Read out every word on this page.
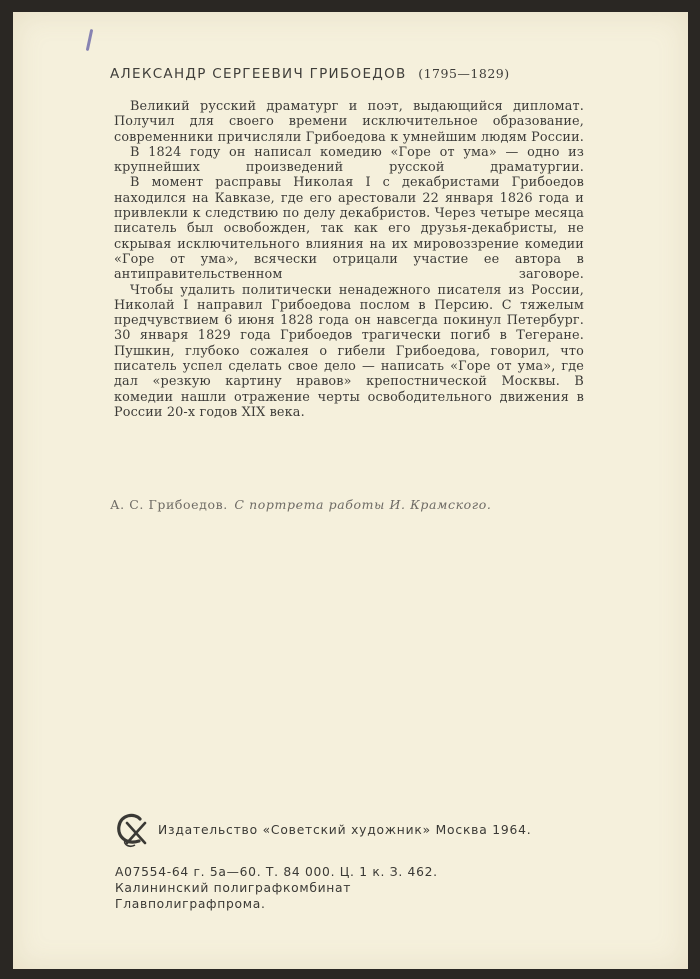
АЛЕКСАНДР СЕРГЕЕВИЧ ГРИБОЕДОВ (1795—1829)

Великий русский драматург и поэт, выдающийся дипломат. Получил для своего времени исключительное образование, современники причисляли Грибоедова к умнейшим людям России.

В 1824 году он написал комедию «Горе от ума» — одно из крупнейших произведений русской драматургии.

В момент расправы Николая I с декабристами Грибоедов находился на Кавказе, где его арестовали 22 января 1826 года и привлекли к следствию по делу декабристов. Через четыре месяца писатель был освобожден, так как его друзья-декабристы, не скрывая исключительного влияния на их мировоззрение комедии «Горе от ума», всячески отрицали участие ее автора в антиправительственном заговоре.

Чтобы удалить политически ненадежного писателя из России, Николай I направил Грибоедова послом в Персию. С тяжелым предчувствием 6 июня 1828 года он навсегда покинул Петербург. 30 января 1829 года Грибоедов трагически погиб в Тегеране. Пушкин, глубоко сожалея о гибели Грибоедова, говорил, что писатель успел сделать свое дело — написать «Горе от ума», где дал «резкую картину нравов» крепостнической Москвы. В комедии нашли отражение черты освободительного движения в России 20-х годов XIX века.

А. С. Грибоедов. С портрета работы И. Крамского.
Издательство «Советский художник» Москва 1964.
А07554-64 г. 5а—60. Т. 84 000. Ц. 1 к. З. 462.
Калининский полиграфкомбинат
Главполиграфпрома.
